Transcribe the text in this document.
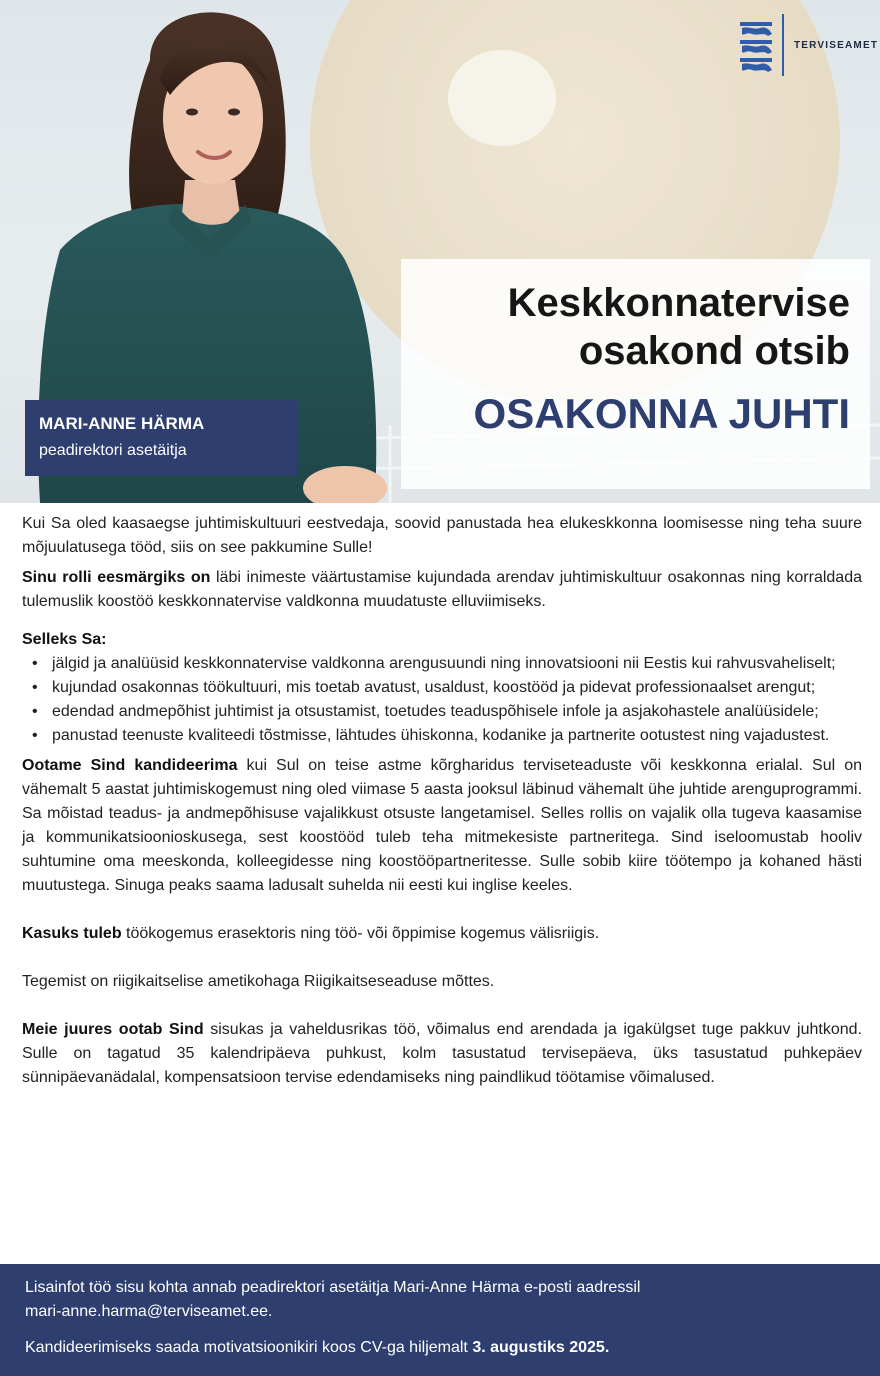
TERVISEAMET
MARI-ANNE HÄRMA
peadirektori asetäitja
Keskkonnatervise
osakond otsib
OSAKONNA JUHTI

Kui Sa oled kaasaegse juhtimiskultuuri eestvedaja, soovid panustada hea elukeskkonna loomisesse ning teha suure mõjuulatusega tööd, siis on see pakkumine Sulle!

Sinu rolli eesmärgiks on läbi inimeste väärtustamise kujundada arendav juhtimiskultuur osakonnas ning korraldada tulemuslik koostöö keskkonnatervise valdkonna muudatuste elluviimiseks.

Selleks Sa:

• jälgid ja analüüsid keskkonnatervise valdkonna arengusuundi ning innovatsiooni nii Eestis kui rahvusvaheliselt;
• kujundad osakonnas töökultuuri, mis toetab avatust, usaldust, koostööd ja pidevat professionaalset arengut;
• edendad andmepõhist juhtimist ja otsustamist, toetudes teaduspõhisele infole ja asjakohastele analüüsidele;
• panustad teenuste kvaliteedi tõstmisse, lähtudes ühiskonna, kodanike ja partnerite ootustest ning vajadustest.

Ootame Sind kandideerima kui Sul on teise astme kõrgharidus terviseteaduste või keskkonna erialal. Sul on vähemalt 5 aastat juhtimiskogemust ning oled viimase 5 aasta jooksul läbinud vähemalt ühe juhtide arenguprogrammi. Sa mõistad teadus- ja andmepõhisuse vajalikkust otsuste langetamisel. Selles rollis on vajalik olla tugeva kaasamise ja kommunikatsioonioskusega, sest koostööd tuleb teha mitmekesiste partneritega. Sind iseloomustab hooliv suhtumine oma meeskonda, kolleegidesse ning koostööpartneritesse. Sulle sobib kiire töötempo ja kohaned hästi muutustega. Sinuga peaks saama ladusalt suhelda nii eesti kui inglise keeles.

Kasuks tuleb töökogemus erasektoris ning töö- või õppimise kogemus välisriigis.

Tegemist on riigikaitselise ametikohaga Riigikaitseseaduse mõttes.

Meie juures ootab Sind sisukas ja vaheldusrikas töö, võimalus end arendada ja igakülgset tuge pakkuv juhtkond. Sulle on tagatud 35 kalendripäeva puhkust, kolm tasustatud tervisepäeva, üks tasustatud puhkepäev sünnipäevanädalal, kompensatsioon tervise edendamiseks ning paindlikud töötamise võimalused.

Lisainfot töö sisu kohta annab peadirektori asetäitja Mari-Anne Härma e-posti aadressil
mari-anne.harma@terviseamet.ee.

Kandideerimiseks saada motivatsioonikiri koos CV-ga hiljemalt 3. augustiks 2025.
